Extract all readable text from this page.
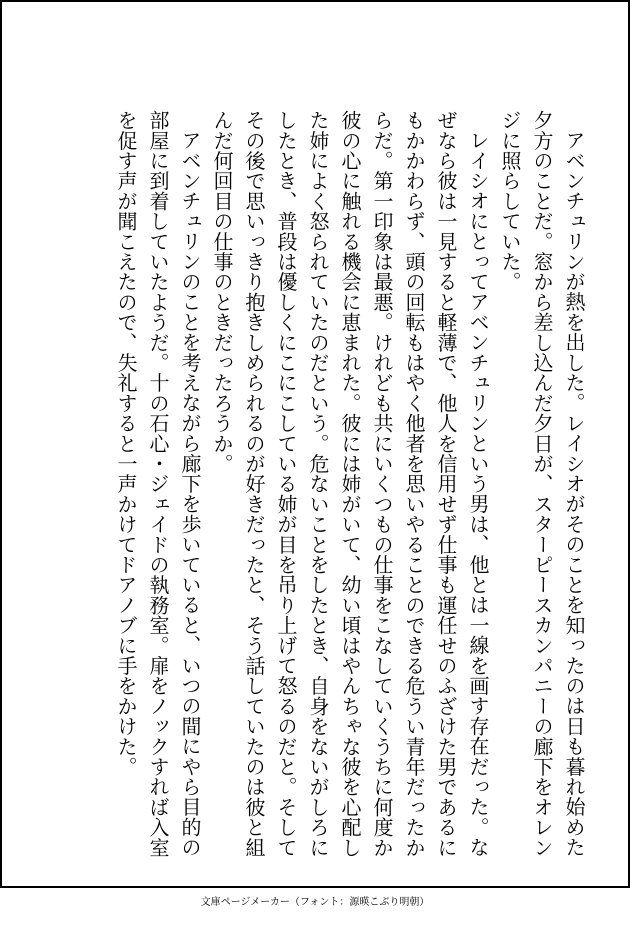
アベンチュリンが熱を出した。レイシオがそのことを知ったのは日も暮れ始めた夕方のことだ。窓から差し込んだ夕日が、スターピースカンパニーの廊下をオレンジに照らしていた。

レイシオにとってアベンチュリンという男は、他とは一線を画す存在だった。なぜなら彼は一見すると軽薄で、他人を信用せず仕事も運任せのふざけた男であるにもかかわらず、頭の回転もはやく他者を思いやることのできる危うい青年だったからだ。第一印象は最悪。けれども共にいくつもの仕事をこなしていくうちに何度か彼の心に触れる機会に恵まれた。彼には姉がいて、幼い頃はやんちゃな彼を心配した姉によく怒られていたのだという。危ないことをしたとき、自身をないがしろにしたとき、普段は優しくにこにこしている姉が目を吊り上げて怒るのだと。そしてその後で思いっきり抱きしめられるのが好きだったと、そう話していたのは彼と組んだ何回目の仕事のときだったろうか。

アベンチュリンのことを考えながら廊下を歩いていると、いつの間にやら目的の部屋に到着していたようだ。十の石心・ジェイドの執務室。扉をノックすれば入室を促す声が聞こえたので、失礼すると一声かけてドアノブに手をかけた。

文庫ページメーカー（フォント：源暎こぶり明朝）
